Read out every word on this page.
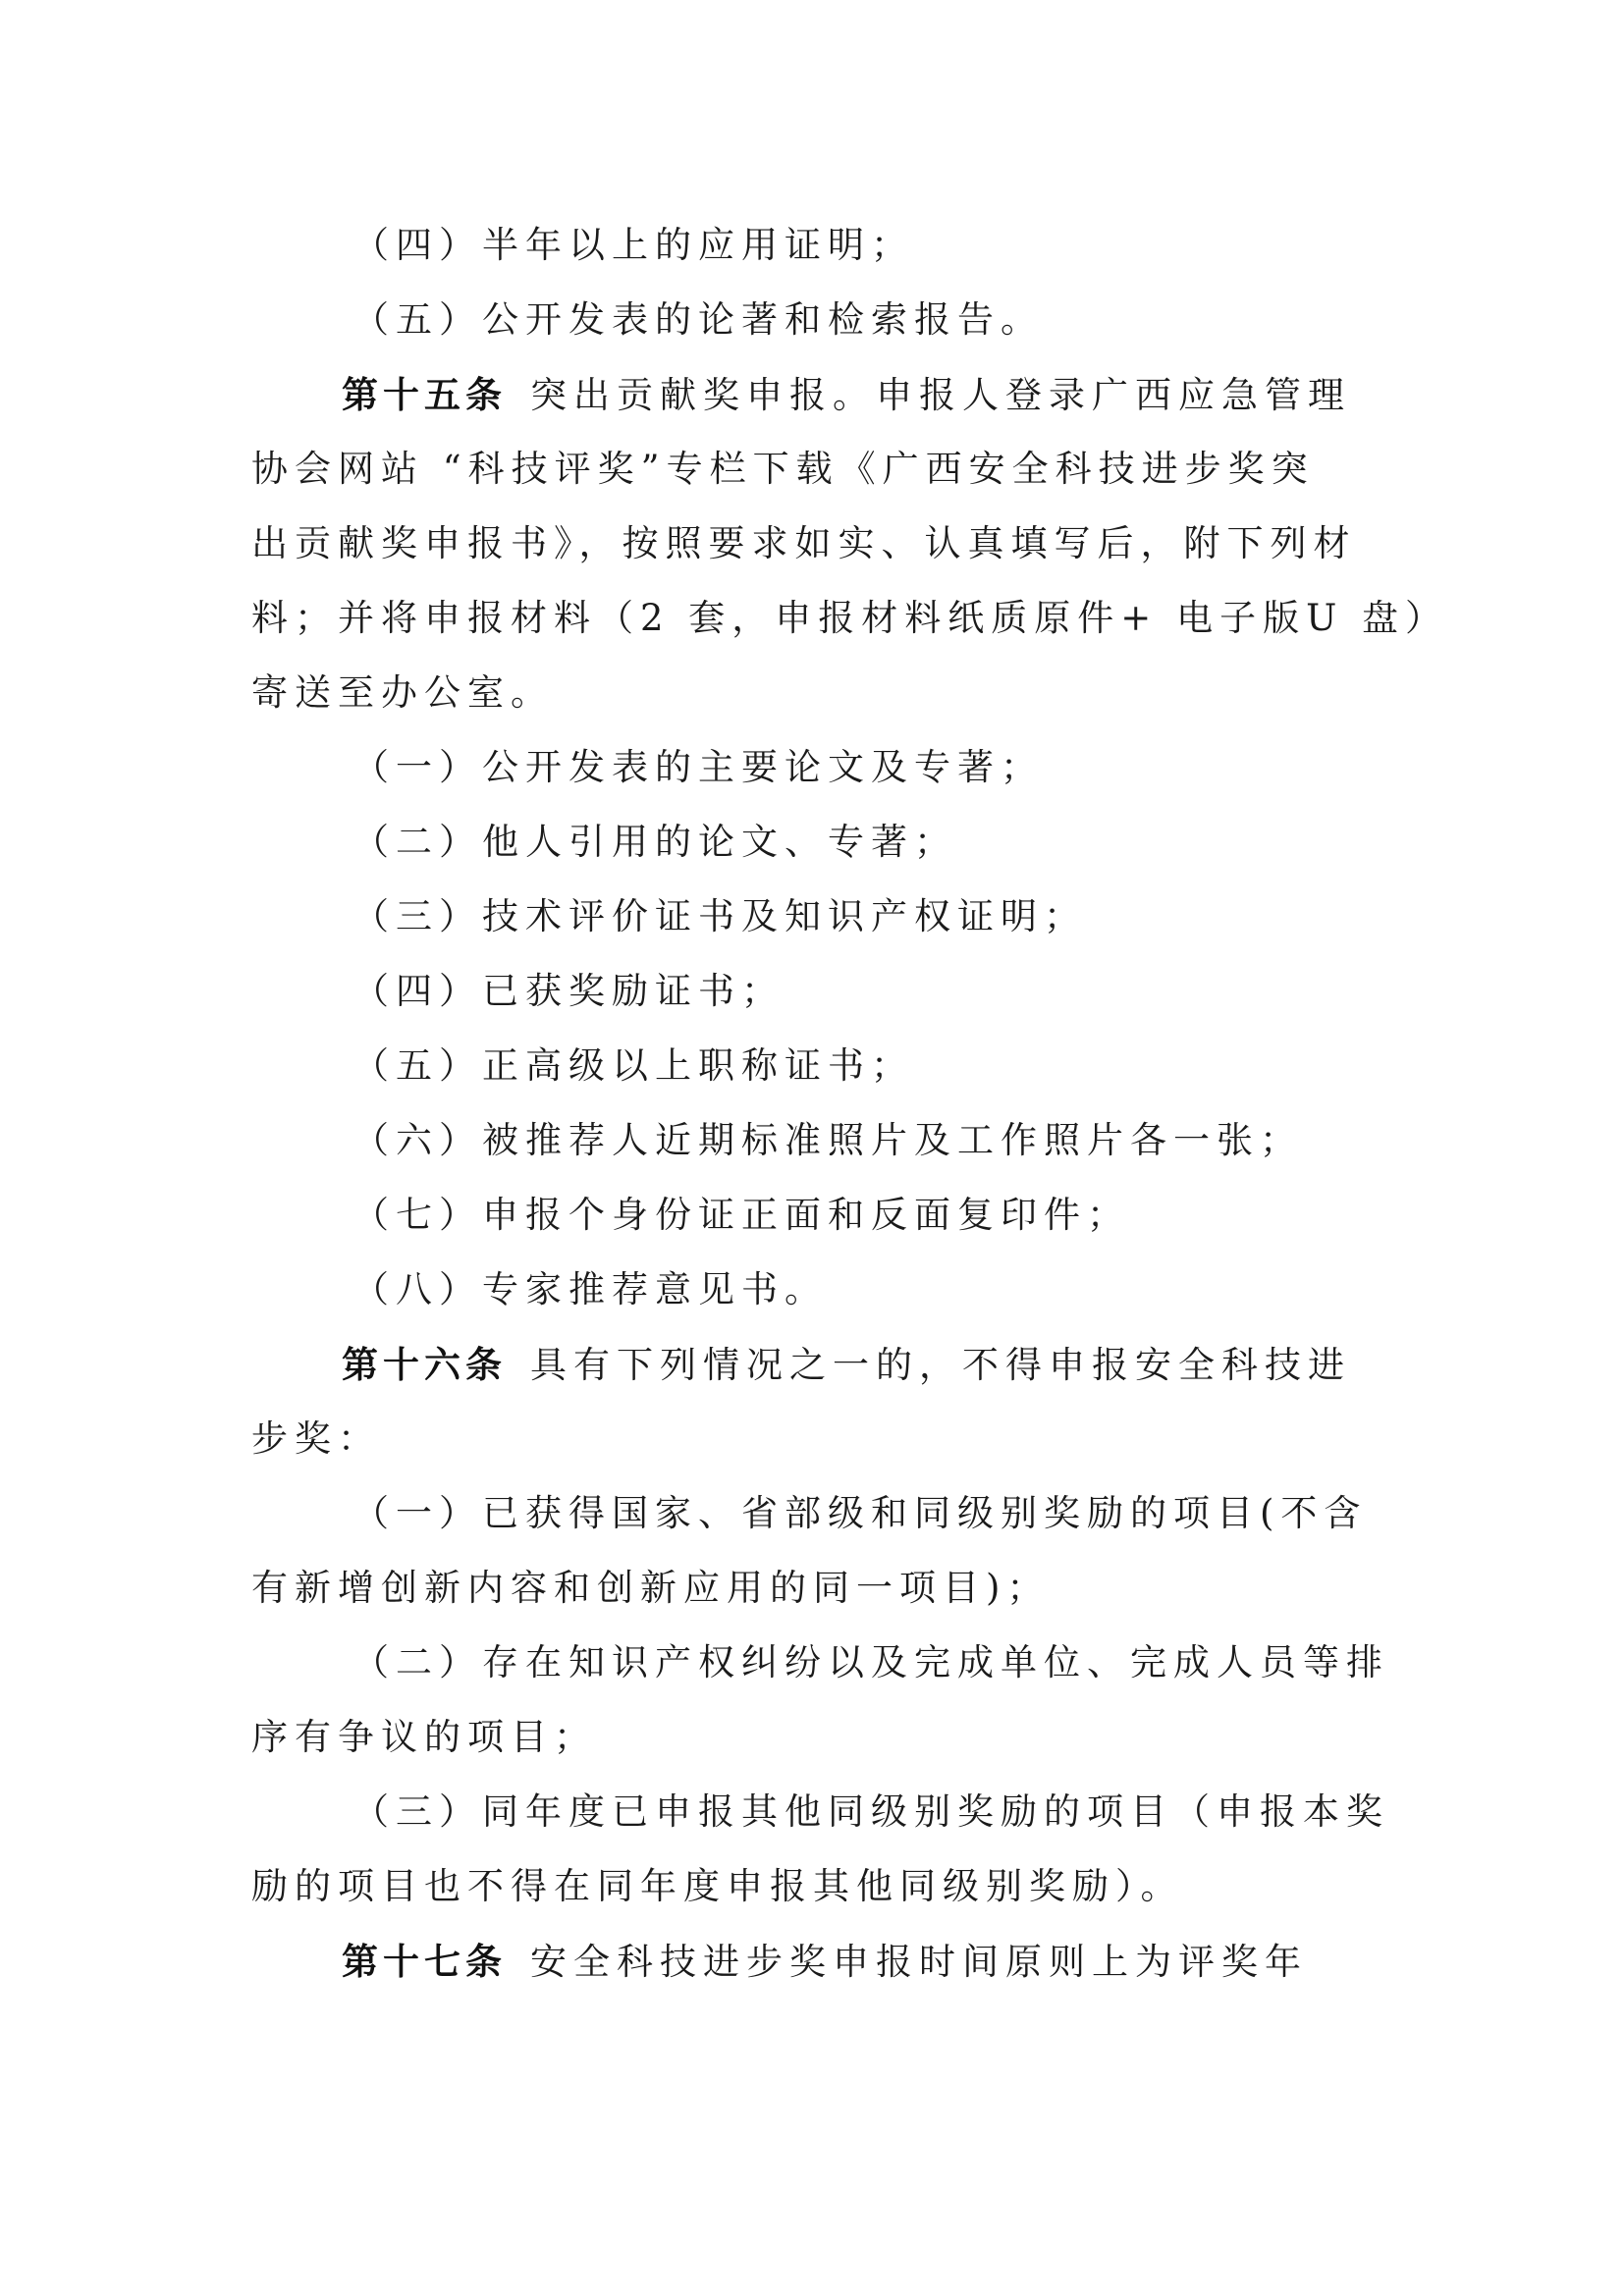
（四）半年以上的应用证明；
（五）公开发表的论著和检索报告。
第十五条 突出贡献奖申报。申报人登录广西应急管理
协会网站 “科技评奖”专栏下载《广西安全科技进步奖突
出贡献奖申报书》，按照要求如实、认真填写后，附下列材
料；并将申报材料（2 套，申报材料纸质原件+ 电子版U 盘）
寄送至办公室。
（一）公开发表的主要论文及专著；
（二）他人引用的论文、专著；
（三）技术评价证书及知识产权证明；
（四）已获奖励证书；
（五）正高级以上职称证书；
（六）被推荐人近期标准照片及工作照片各一张；
（七）申报个身份证正面和反面复印件；
（八）专家推荐意见书。
第十六条 具有下列情况之一的，不得申报安全科技进
步奖：
（一）已获得国家、省部级和同级别奖励的项目(不含
有新增创新内容和创新应用的同一项目)；
（二）存在知识产权纠纷以及完成单位、完成人员等排
序有争议的项目；
（三）同年度已申报其他同级别奖励的项目（申报本奖
励的项目也不得在同年度申报其他同级别奖励）。
第十七条 安全科技进步奖申报时间原则上为评奖年
